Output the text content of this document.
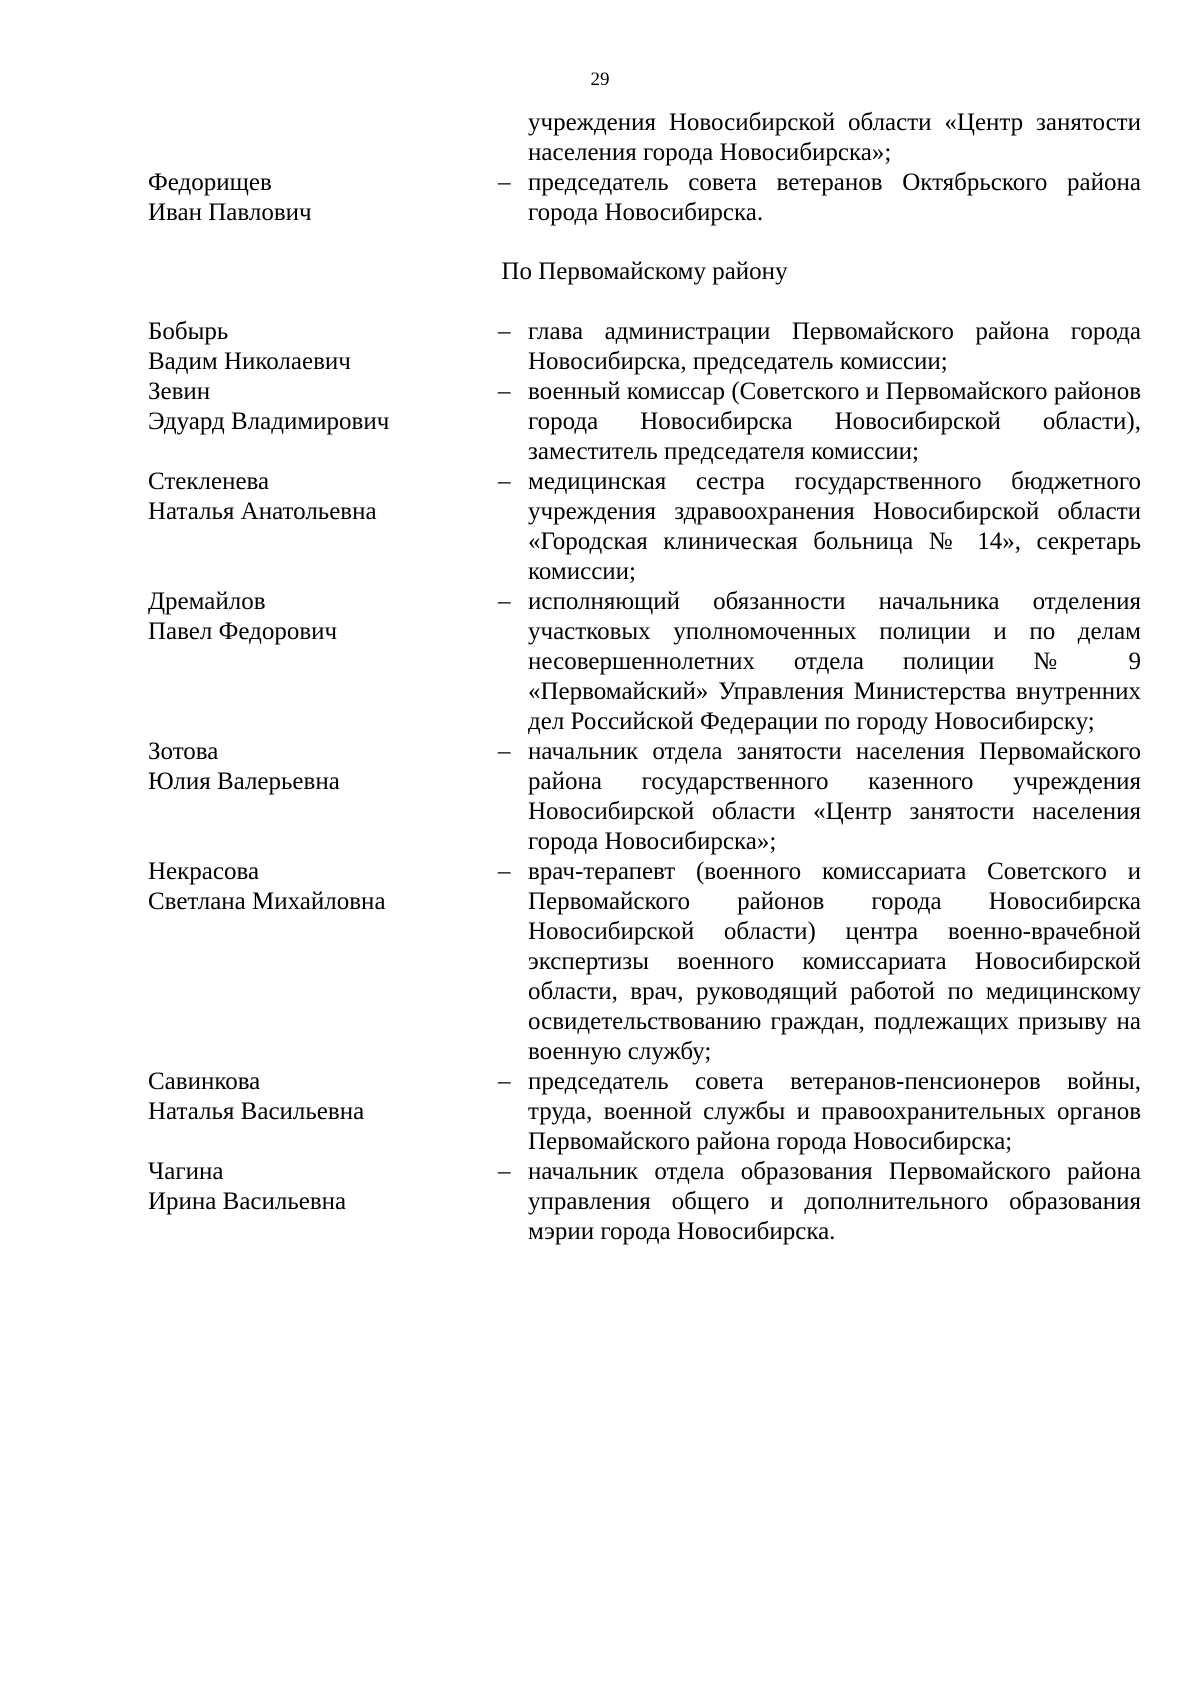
29
учреждения Новосибирской области «Центр занятости населения города Новосибирска»;
Федорищев
Иван Павлович
– председатель совета ветеранов Октябрьского района города Новосибирска.
По Первомайскому району
Бобырь
Вадим Николаевич
– глава администрации Первомайского района города Новосибирска, председатель комиссии;
Зевин
Эдуард Владимирович
– военный комиссар (Советского и Первомайского районов города Новосибирска Новосибирской области), заместитель председателя комиссии;
Стекленева
Наталья Анатольевна
– медицинская сестра государственного бюджетного учреждения здравоохранения Новосибирской области «Городская клиническая больница № 14», секретарь комиссии;
Дремайлов
Павел Федорович
– исполняющий обязанности начальника отделения участковых уполномоченных полиции и по делам несовершеннолетних отдела полиции № 9 «Первомайский» Управления Министерства внутренних дел Российской Федерации по городу Новосибирску;
Зотова
Юлия Валерьевна
– начальник отдела занятости населения Первомайского района государственного казенного учреждения Новосибирской области «Центр занятости населения города Новосибирска»;
Некрасова
Светлана Михайловна
– врач-терапевт (военного комиссариата Советского и Первомайского районов города Новосибирска Новосибирской области) центра военно-врачебной экспертизы военного комиссариата Новосибирской области, врач, руководящий работой по медицинскому освидетельствованию граждан, подлежащих призыву на военную службу;
Савинкова
Наталья Васильевна
– председатель совета ветеранов-пенсионеров войны, труда, военной службы и правоохранительных органов Первомайского района города Новосибирска;
Чагина
Ирина Васильевна
– начальник отдела образования Первомайского района управления общего и дополнительного образования мэрии города Новосибирска.
